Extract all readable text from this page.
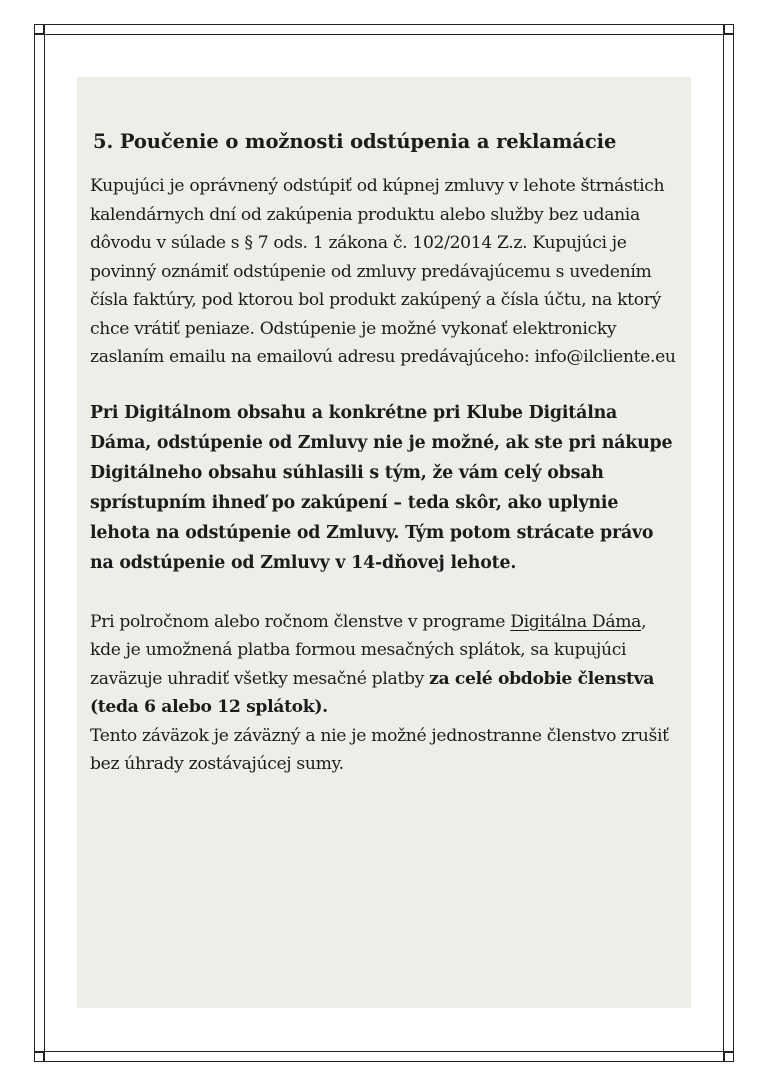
5. Poučenie o možnosti odstúpenia a reklamácie

Kupujúci je oprávnený odstúpiť od kúpnej zmluvy v lehote štrnástich kalendárnych dní od zakúpenia produktu alebo služby bez udania dôvodu v súlade s § 7 ods. 1 zákona č. 102/2014 Z.z. Kupujúci je povinný oznámiť odstúpenie od zmluvy predávajúcemu s uvedením čísla faktúry, pod ktorou bol produkt zakúpený a čísla účtu, na ktorý chce vrátiť peniaze. Odstúpenie je možné vykonať elektronicky zaslaním emailu na emailovú adresu predávajúceho: info@ilcliente.eu

Pri Digitálnom obsahu a konkrétne pri Klube Digitálna Dáma, odstúpenie od Zmluvy nie je možné, ak ste pri nákupe Digitálneho obsahu súhlasili s tým, že vám celý obsah sprístupním ihneď po zakúpení – teda skôr, ako uplynie lehota na odstúpenie od Zmluvy. Tým potom strácate právo na odstúpenie od Zmluvy v 14-dňovej lehote.

Pri polročnom alebo ročnom členstve v programe Digitálna Dáma, kde je umožnená platba formou mesačných splátok, sa kupujúci zaväzuje uhradiť všetky mesačné platby za celé obdobie členstva (teda 6 alebo 12 splátok).
Tento záväzok je záväzný a nie je možné jednostranne členstvo zrušiť bez úhrady zostávajúcej sumy.
